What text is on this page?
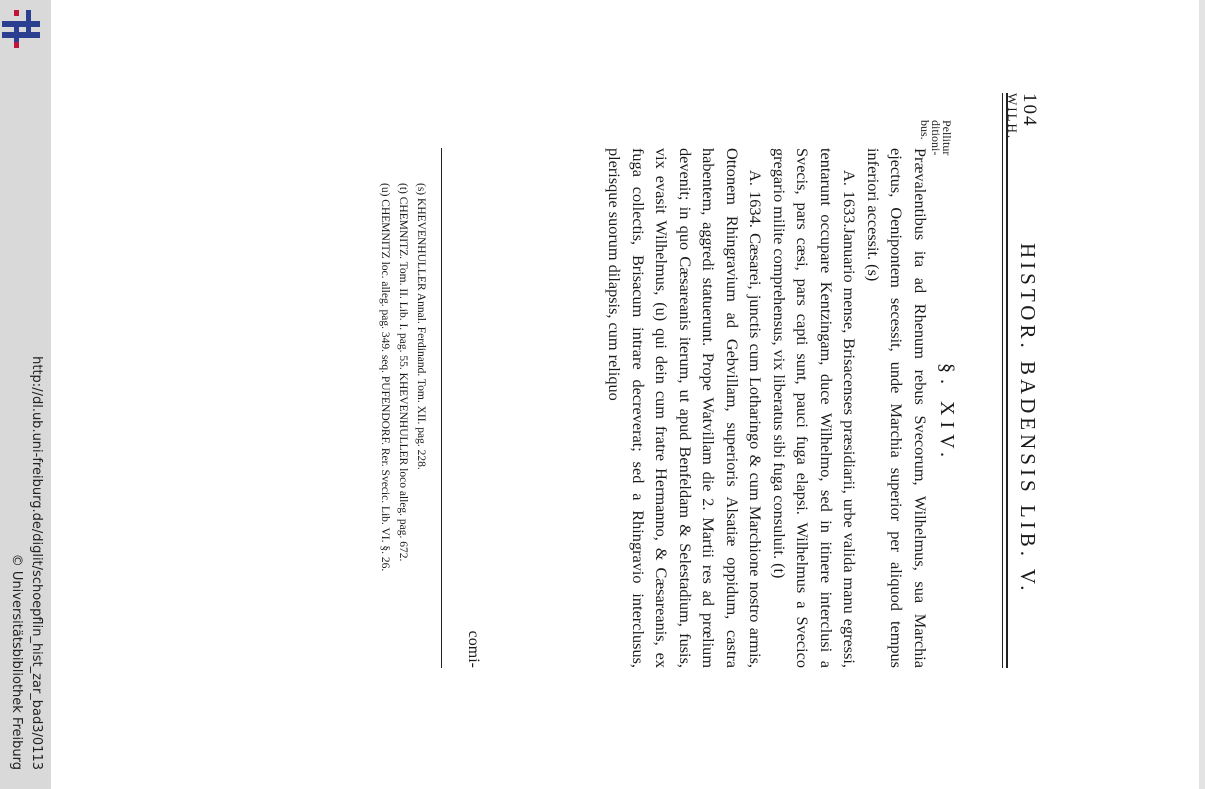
http://dl.ub.uni-freiburg.de/diglit/schoepflin_hist_zar_bad3/0113
© Universitätsbibliothek Freiburg
104
HISTOR. BADENSIS LIB. V.
§. XIV.

Prævalentibus ita ad Rhenum rebus Svecorum, Wilhelmus, sua Marchia ejectus, Oenipontem secessit, unde Marchia superior per aliquod tempus inferiori accessit. (s)

A. 1633.Januario mense, Brisacenses præsidiarii, urbe valida manu egressi, tentarunt occupare Kentzingam, duce Wilhelmo, sed in itinere interclusi a Svecis, pars cæsi, pars capti sunt, pauci fuga elapsi. Wilhelmus a Svecico gregario milite comprehensus, vix liberatus sibi fuga consuluit. (t)

A. 1634. Cæsarei, junctis cum Lotharingo & cum Marchione nostro armis, Ottonem Rhingravium ad Gebvillam, superioris Alsatiæ oppidum, castra habentem, aggredi statuerunt. Prope Watvillam die 2. Martii res ad prœlium devenit; in quo Cæsareanis iterum, ut apud Benfeldam & Selestadium, fusis, vix evasit Wilhelmus, (u) qui dein cum fratre Hermanno, & Cæsareanis, ex fuga collectis, Brisacum intrare decreverat; sed a Rhingravio interclusus, plerisque suorum dilapsis, cum reliquo

comi-
(s) KHEVENHULLER Annal. Ferdinand. Tom. XII. pag. 228.
(t) CHEMNITZ. Tom. II. Lib. I. pag. 55. KHEVENHULLER loco alleg. pag. 672.
(u) CHEMNITZ loc. alleg. pag. 349. seq. PUFENDORF. Rer. Svecic. Lib. VI. §. 26.
WILH.
Pellitur ditioni-bus.
